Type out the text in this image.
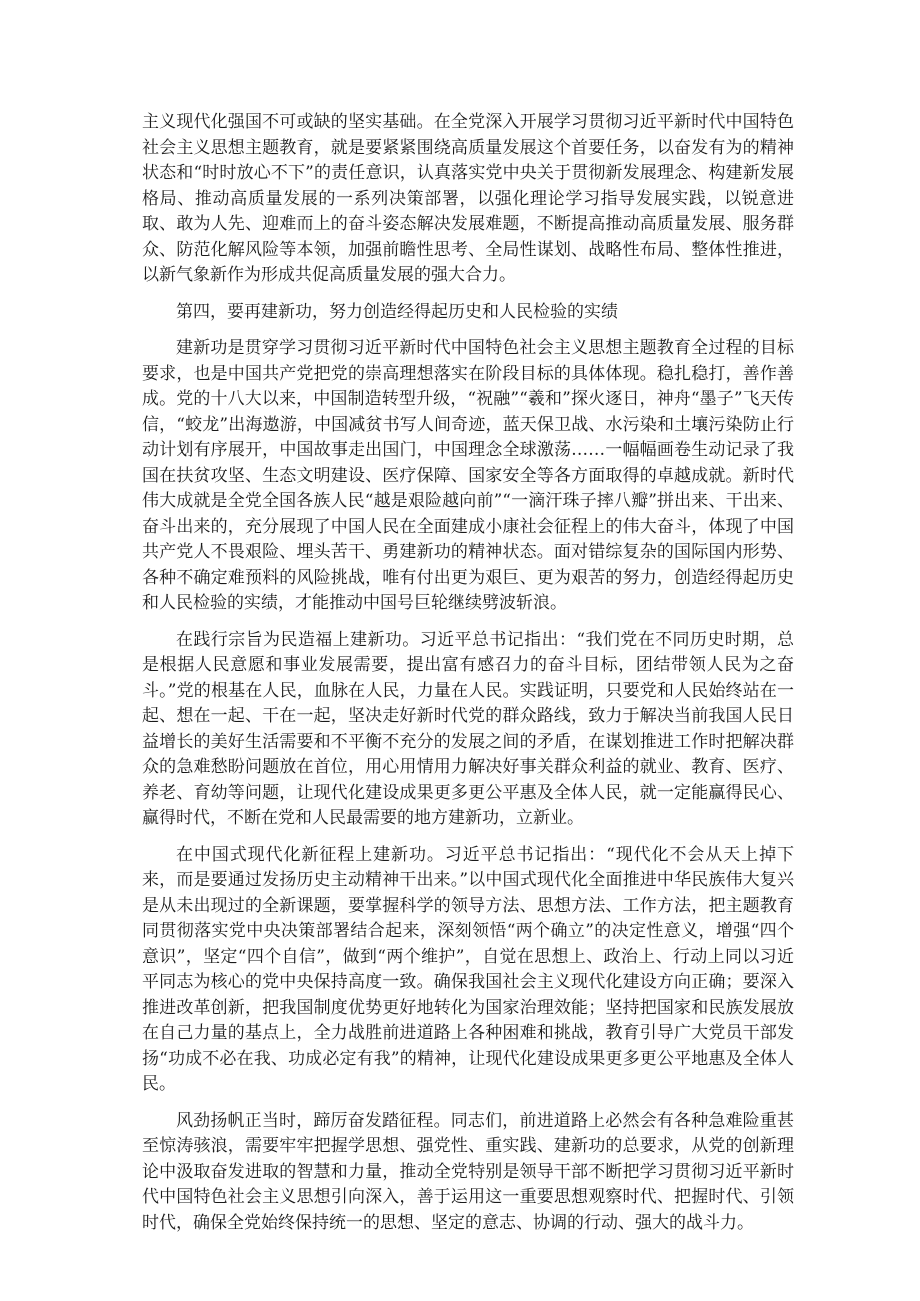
主义现代化强国不可或缺的坚实基础。在全党深入开展学习贯彻习近平新时代中国特色社会主义思想主题教育，就是要紧紧围绕高质量发展这个首要任务，以奋发有为的精神状态和“时时放心不下”的责任意识，认真落实党中央关于贯彻新发展理念、构建新发展格局、推动高质量发展的一系列决策部署，以强化理论学习指导发展实践，以锐意进取、敢为人先、迎难而上的奋斗姿态解决发展难题，不断提高推动高质量发展、服务群众、防范化解风险等本领，加强前瞻性思考、全局性谋划、战略性布局、整体性推进，以新气象新作为形成共促高质量发展的强大合力。

第四，要再建新功，努力创造经得起历史和人民检验的实绩

建新功是贯穿学习贯彻习近平新时代中国特色社会主义思想主题教育全过程的目标要求，也是中国共产党把党的崇高理想落实在阶段目标的具体体现。稳扎稳打，善作善成。党的十八大以来，中国制造转型升级，“祝融”“羲和”探火逐日，神舟“墨子”飞天传信，“蛟龙”出海遨游，中国减贫书写人间奇迹，蓝天保卫战、水污染和土壤污染防止行动计划有序展开，中国故事走出国门，中国理念全球激荡……一幅幅画卷生动记录了我国在扶贫攻坚、生态文明建设、医疗保障、国家安全等各方面取得的卓越成就。新时代伟大成就是全党全国各族人民“越是艰险越向前”“一滴汗珠子摔八瓣”拼出来、干出来、奋斗出来的，充分展现了中国人民在全面建成小康社会征程上的伟大奋斗，体现了中国共产党人不畏艰险、埋头苦干、勇建新功的精神状态。面对错综复杂的国际国内形势、各种不确定难预料的风险挑战，唯有付出更为艰巨、更为艰苦的努力，创造经得起历史和人民检验的实绩，才能推动中国号巨轮继续劈波斩浪。

在践行宗旨为民造福上建新功。习近平总书记指出：“我们党在不同历史时期，总是根据人民意愿和事业发展需要，提出富有感召力的奋斗目标，团结带领人民为之奋斗。”党的根基在人民，血脉在人民，力量在人民。实践证明，只要党和人民始终站在一起、想在一起、干在一起，坚决走好新时代党的群众路线，致力于解决当前我国人民日益增长的美好生活需要和不平衡不充分的发展之间的矛盾，在谋划推进工作时把解决群众的急难愁盼问题放在首位，用心用情用力解决好事关群众利益的就业、教育、医疗、养老、育幼等问题，让现代化建设成果更多更公平惠及全体人民，就一定能赢得民心、赢得时代，不断在党和人民最需要的地方建新功，立新业。

在中国式现代化新征程上建新功。习近平总书记指出：“现代化不会从天上掉下来，而是要通过发扬历史主动精神干出来。”以中国式现代化全面推进中华民族伟大复兴是从未出现过的全新课题，要掌握科学的领导方法、思想方法、工作方法，把主题教育同贯彻落实党中央决策部署结合起来，深刻领悟“两个确立”的决定性意义，增强“四个意识”，坚定“四个自信”，做到“两个维护”，自觉在思想上、政治上、行动上同以习近平同志为核心的党中央保持高度一致。确保我国社会主义现代化建设方向正确；要深入推进改革创新，把我国制度优势更好地转化为国家治理效能；坚持把国家和民族发展放在自己力量的基点上，全力战胜前进道路上各种困难和挑战，教育引导广大党员干部发扬“功成不必在我、功成必定有我”的精神，让现代化建设成果更多更公平地惠及全体人民。

风劲扬帆正当时，蹄厉奋发踏征程。同志们，前进道路上必然会有各种急难险重甚至惊涛骇浪，需要牢牢把握学思想、强党性、重实践、建新功的总要求，从党的创新理论中汲取奋发进取的智慧和力量，推动全党特别是领导干部不断把学习贯彻习近平新时代中国特色社会主义思想引向深入，善于运用这一重要思想观察时代、把握时代、引领时代，确保全党始终保持统一的思想、坚定的意志、协调的行动、强大的战斗力。
